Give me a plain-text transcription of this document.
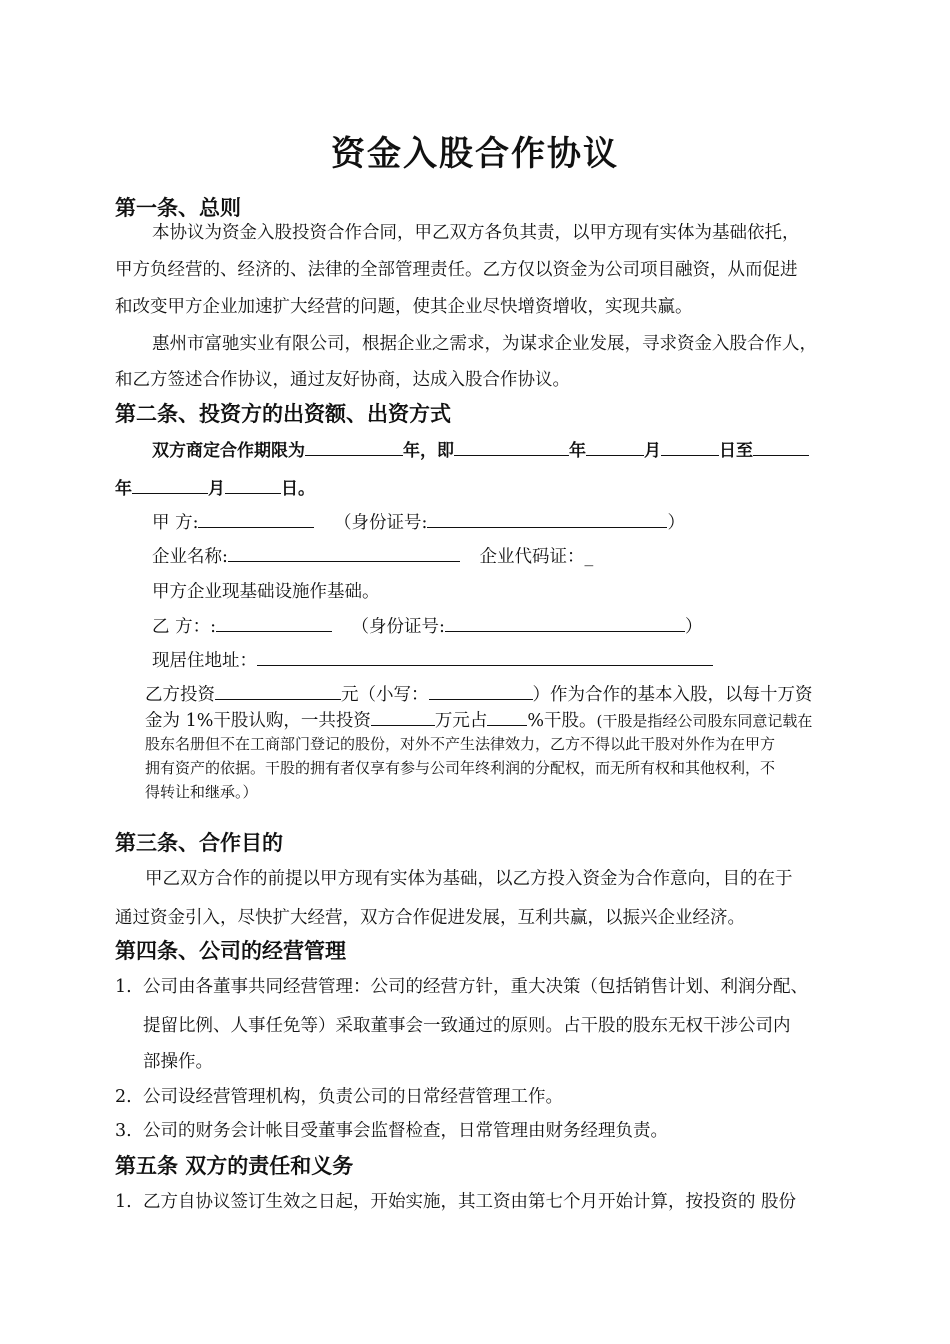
资金入股合作协议
第一条、总则
本协议为资金入股投资合作合同，甲乙双方各负其责，以甲方现有实体为基础依托，
甲方负经营的、经济的、法律的全部管理责任。乙方仅以资金为公司项目融资，从而促进
和改变甲方企业加速扩大经营的问题，使其企业尽快增资增收，实现共赢。
惠州市富驰实业有限公司，根据企业之需求，为谋求企业发展，寻求资金入股合作人，
和乙方签述合作协议，通过友好协商，达成入股合作协议。
第二条、投资方的出资额、出资方式
双方商定合作期限为	年，即	年	月	日至
年	月	日。
甲 方:	（身份证号:	）
企业名称:	企业代码证：_
甲方企业现基础设施作基础。
乙 方：:	（身份证号:	）
现居住地址：
乙方投资	元（小写：	）作为合作的基本入股，以每十万资
金为 1%干股认购，一共投资	万元占 %干股。(干股是指经公司股东同意记载在
股东名册但不在工商部门登记的股份，对外不产生法律效力，乙方不得以此干股对外作为在甲方
拥有资产的依据。干股的拥有者仅享有参与公司年终利润的分配权，而无所有权和其他权利，不
得转让和继承。）
第三条、合作目的
甲乙双方合作的前提以甲方现有实体为基础，以乙方投入资金为合作意向，目的在于
通过资金引入，尽快扩大经营，双方合作促进发展，互利共赢，以振兴企业经济。
第四条、公司的经营管理
1. 公司由各董事共同经营管理：公司的经营方针，重大决策（包括销售计划、利润分配、
提留比例、人事任免等）采取董事会一致通过的原则。占干股的股东无权干涉公司内
部操作。
2. 公司设经营管理机构，负责公司的日常经营管理工作。
3. 公司的财务会计帐目受董事会监督检查，日常管理由财务经理负责。
第五条 双方的责任和义务
1. 乙方自协议签订生效之日起，开始实施，其工资由第七个月开始计算，按投资的 股份
